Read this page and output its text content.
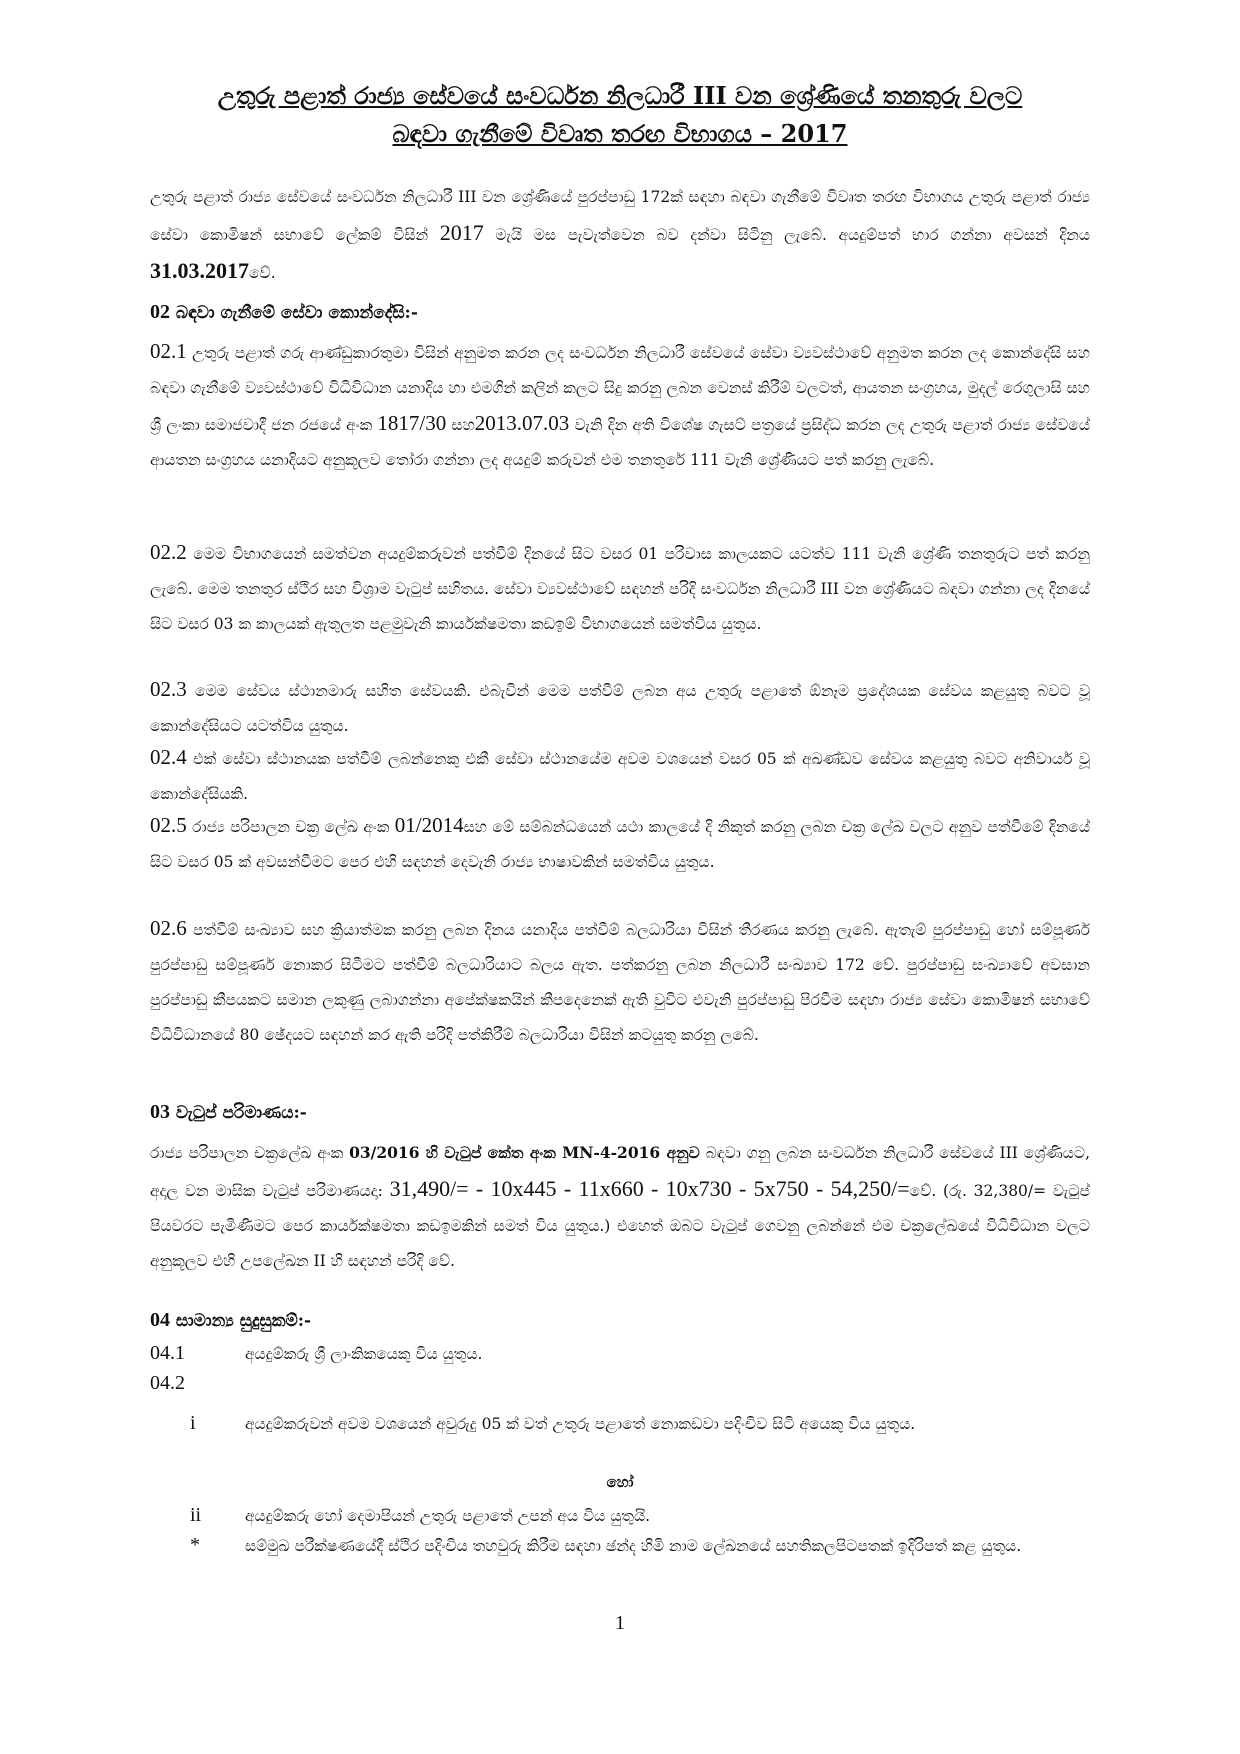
උතුරු පළාත් රාජ්‍ය සේවයේ සංවර්ධන නිලධාරී III වන ශ්‍රේණියේ තනතුරු වලට
බඳවා ගැනීමේ විවෘත තරඟ විභාගය – 2017
උතුරු පළාත් රාජ්‍ය සේවයේ සංවර්ධන නිලධාරී III වන ශ්‍රේණියේ පුරප්පාඩු 172ක් සඳහා බඳවා ගැනීමේ විවෘත තරඟ විභාගය උතුරු පළාත් රාජ්‍ය සේවා කොමිෂන් සභාවේ ලේකම් විසින් 2017 මැයි මස පැවැත්වෙන බව දන්වා සිටිනු ලැබේ. අයදුම්පත් භාර ගන්නා අවසන් දිනය 31.03.2017වේ.
02 බඳවා ගැනීමේ සේවා කොන්දේසි:-
02.1 උතුරු පළාත් ගරු ආණ්ඩුකාරතුමා විසින් අනුමත කරන ලද සංවර්ධන නිලධාරී සේවයේ සේවා ව්‍යවස්ථාවේ අනුමත කරන ලද කොන්දේසි සහ බඳවා ගැනීමේ ව්‍යවස්ථාවේ විධිවිධාන යනාදිය හා එමගින් කලින් කලට සිදු කරනු ලබන වෙනස් කිරීම් වලටත්, ආයතන සංග්‍රහය, මුදල් රෙගුලාසි සහ ශ්‍රී ලංකා සමාජවාදී ජන රජයේ අංක 1817/30 සහ2013.07.03 වැනි දින අති විශේෂ ගැසට් පත්‍රයේ ප්‍රසිද්ධ කරන ලද උතුරු පළාත් රාජ්‍ය සේවයේ ආයතන සංග්‍රහය යනාදියට අනුකූලව තෝරා ගන්නා ලද අයදුම් කරුවන් එම තනතුරේ 111 වැනි ශ්‍රේණියට පත් කරනු ලැබේ.
02.2 මෙම විභාගයෙන් සමත්වන අයදුම්කරුවන් පත්වීම් දිනයේ සිට වසර 01 පරිවාස කාලයකට යටත්ව 111 වැනි ශ්‍රේණි තනතුරුට පත් කරනු ලැබේ. මෙම තනතුර ස්ථිර සහ විශ්‍රාම වැටුප් සහිතය. සේවා ව්‍යවස්ථාවේ සඳහන් පරිදි සංවර්ධන නිලධාරී III වන ශ්‍රේණියට බඳවා ගන්නා ලද දිනයේ සිට වසර 03 ක කාලයක් ඇතුලත පළමුවැනි කාර්යක්ෂමතා කඩඉම් විභාගයෙන් සමත්විය යුතුය.
02.3 මෙම සේවය ස්ථානමාරු සහිත සේවයකි. එබැවින් මෙම පත්වීම් ලබන අය උතුරු පළාතේ ඕනෑම ප්‍රදේශයක සේවය කළයුතු බවට වූ කොන්දේසියට යටත්විය යුතුය.
02.4 එක් සේවා ස්ථානයක පත්වීම් ලබන්නෙකු එකී සේවා ස්ථානයේම අවම වශයෙන් වසර 05 ක් අඛණ්ඩව සේවය කළයුතු බවට අනිවාර්ය වූ කොන්දේසියකි.
02.5 රාජ්‍ය පරිපාලන චක්‍ර ලේඛ අංක 01/2014සහ මේ සම්බන්ධයෙන් යථා කාලයේ දි නිකුත් කරනු ලබන චක්‍ර ලේඛ වලට අනුව පත්වීමේ දිනයේ සිට වසර 05 ක් අවසන්වීමට පෙර එහි සඳහන් දෙවැනි රාජ්‍ය භාෂාවකින් සමත්විය යුතුය.
02.6 පත්වීම් සංඛ්‍යාව සහ ක්‍රියාත්මක කරනු ලබන දිනය යනාදිය පත්වීම් බලධාරියා විසින් තීරණය කරනු ලැබේ. ඇතැම් පුරප්පාඩු හෝ සම්පූර්ණ පුරප්පාඩු සම්පූර්ණ නොකර සිටීමට පත්වීම් බලධාරියාට බලය ඇත. පත්කරනු ලබන නිලධාරී සංඛ්‍යාව 172 වේ. පුරප්පාඩු සංඛ්‍යාවේ අවසාන පුරප්පාඩු කීපයකට සමාන ලකුණු ලබාගන්නා අපේක්ෂකයින් කීපදෙනෙක් ඇති වුවිට එවැනි පුරප්පාඩු පිරවීම සඳහා රාජ්‍ය සේවා කොමිෂන් සභාවේ විධිවිධානයේ 80 ඡේදයට සඳහන් කර ඇති පරිදි පත්කිරීම් බලධාරියා විසින් කටයුතු කරනු ලබේ.
03 වැටුප් පරිමාණය:-
රාජ්‍ය පරිපාලන චක්‍රලේඛ අංක 03/2016 හි වැටුප් කේත අංක MN-4-2016 අනුව බඳවා ගනු ලබන සංවර්ධන නිලධාරී සේවයේ III ශ්‍රේණියට, අදාල වන මාසික වැටුප් පරිමාණයදා: 31,490/= - 10x445 - 11x660 - 10x730 - 5x750 - 54,250/=වේ. (රු. 32,380/= වැටුප් පියවරට පැමිණීමට පෙර කාර්යක්ෂමතා කඩඉමකින් සමත් විය යුතුය.) එහෙත් ඔබට වැටුප් ගෙවනු ලබන්නේ එම චක්‍රලේඛයේ විධිවිධාන වලට අනුකූලව එහි උපලේඛන II හි සඳහන් පරිදි වේ.
04 සාමාන්‍ය සුදුසුකම්:-
04.1	අයදුම්කරු ශ්‍රී ලාංකිකයෙකු විය යුතුය.
04.2
i	අයදුම්කරුවන් අවම වශයෙන් අවුරුදු 05 ක් වත් උතුරු පළාතේ නොකඩවා පදිංචිව සිටි අයෙකු විය යුතුය.
හෝ
ii	අයදුම්කරු හෝ දෙමාපියන් උතුරු පළාතේ උපන් අය විය යුතුයි.
*	සම්මුඛ පරීක්ෂණයේදී ස්ථිර පදිංචිය තහවුරු කිරීම සඳහා ඡන්ද හිමි නාම ලේඛනයේ සහතිකලපිටපතක් ඉදිරිපත් කළ යුතුය.
1
